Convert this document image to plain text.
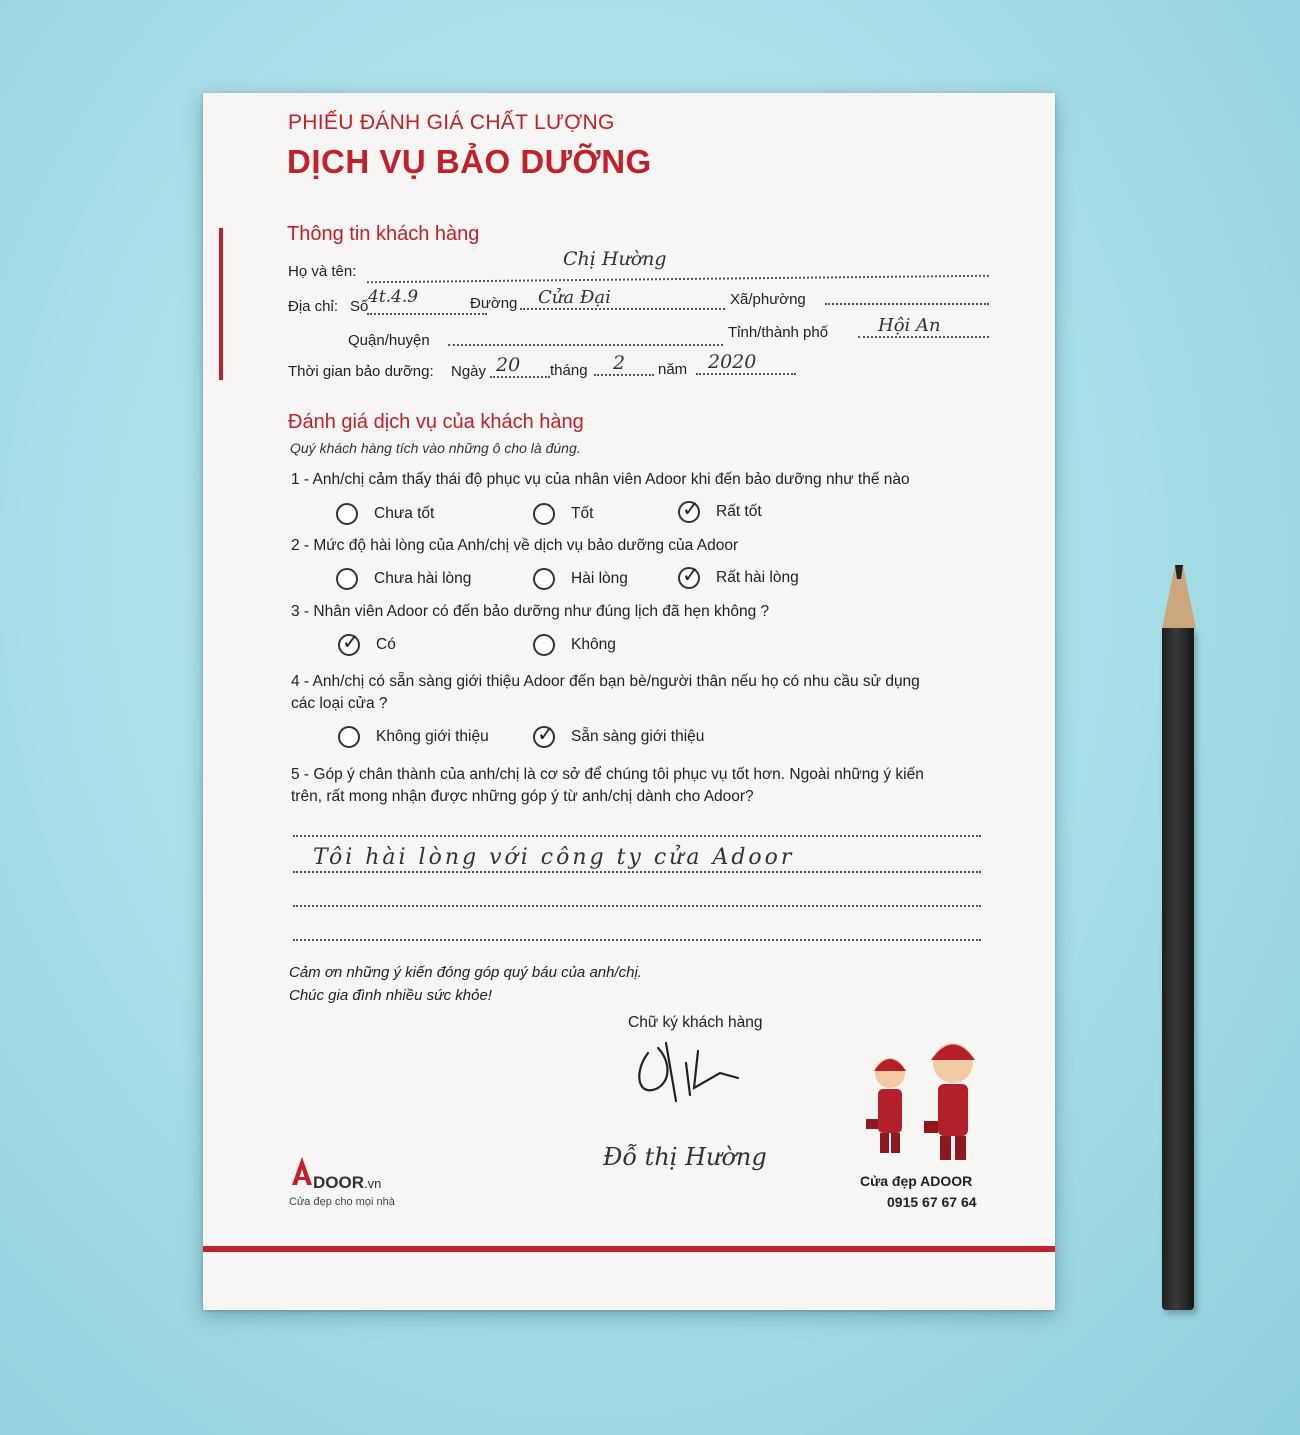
PHIẾU ĐÁNH GIÁ CHẤT LƯỢNG
DỊCH VỤ BẢO DƯỠNG
Thông tin khách hàng
Họ và tên:
Chị Hường
Địa chỉ: Số 4t.4.9	Đường Cửa Đại	Xã/phường
Quận/huyện	Tỉnh/thành phố	Hội An
Thời gian bảo dưỡng: Ngày 20 tháng 2 năm 2020
Đánh giá dịch vụ của khách hàng
Quý khách hàng tích vào những ô cho là đúng.
1 - Anh/chị cảm thấy thái độ phục vụ của nhân viên Adoor khi đến bảo dưỡng như thế nào
Chưa tốt	Tốt ✓	Rất tốt
2 - Mức độ hài lòng của Anh/chị về dịch vụ bảo dưỡng của Adoor
Chưa hài lòng	Hài lòng ✓	Rất hài lòng
3 - Nhân viên Adoor có đến bảo dưỡng như đúng lịch đã hẹn không ?
✓
Có	Không
4 - Anh/chị có sẵn sàng giới thiệu Adoor đến bạn bè/người thân nếu họ có nhu cầu sử dụng
các loại cửa ?
Không giới thiệu ✓	Sẵn sàng giới thiệu
5 - Góp ý chân thành của anh/chị là cơ sở để chúng tôi phục vụ tốt hơn. Ngoài những ý kiến
trên, rất mong nhận được những góp ý từ anh/chị dành cho Adoor?
Tôi hài lòng với công ty cửa Adoor
Cảm ơn những ý kiến đóng góp quý báu của anh/chị.
Chúc gia đình nhiều sức khỏe!
Chữ ký khách hàng
Đỗ thị Hường
DOOR.vn
Cửa đẹp cho mọi nhà
Cửa đẹp ADOOR
0915 67 67 64
